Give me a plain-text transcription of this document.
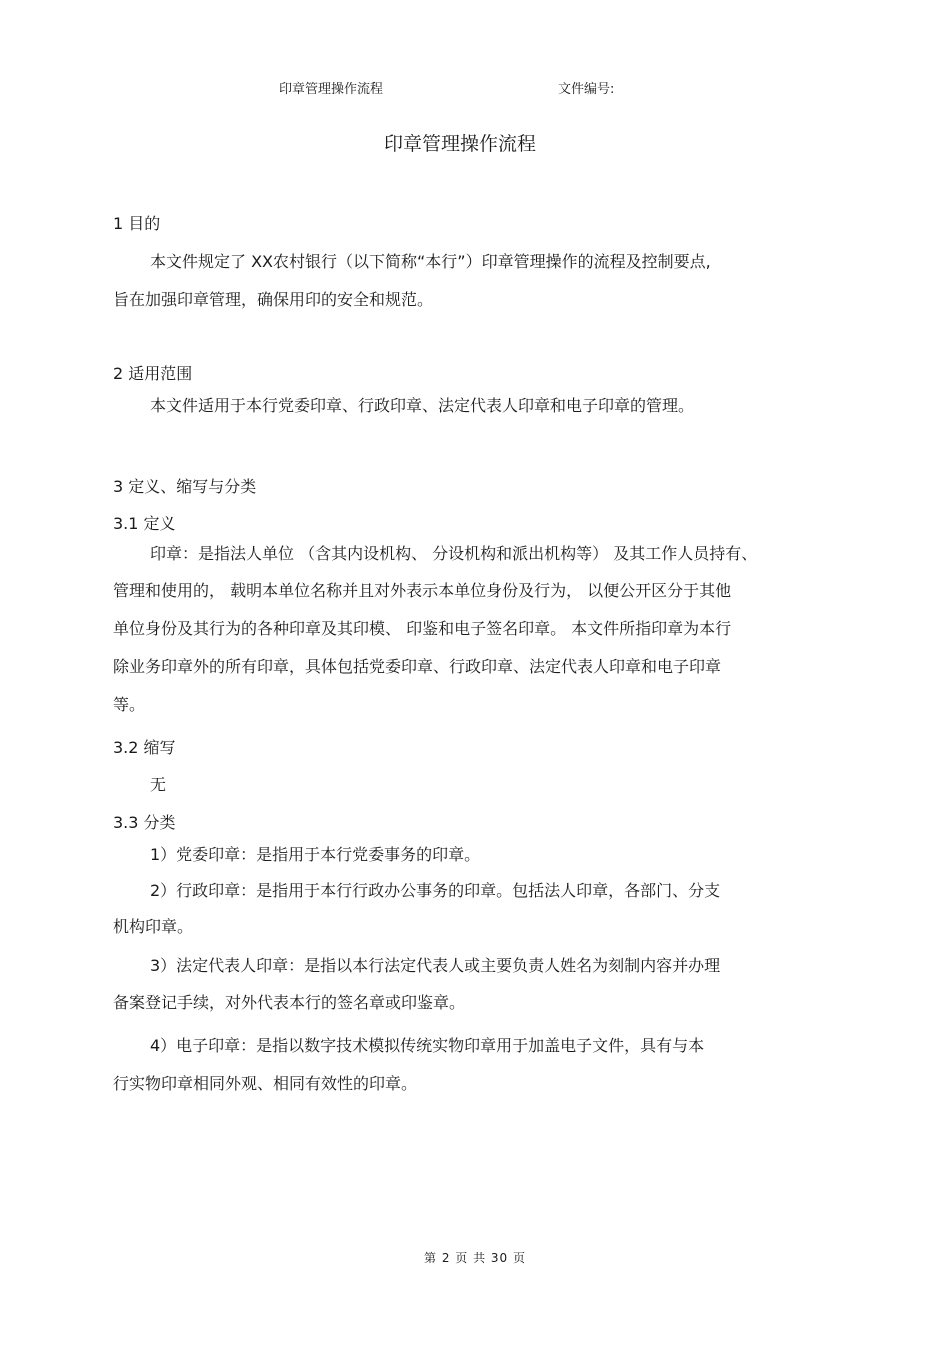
印章管理操作流程	文件编号:
印章管理操作流程
1 目的
本文件规定了 XX农村银行（以下简称“本行”）印章管理操作的流程及控制要点,
旨在加强印章管理，确保用印的安全和规范。
2 适用范围
本文件适用于本行党委印章、行政印章、法定代表人印章和电子印章的管理。
3 定义、缩写与分类
3.1 定义
印章：是指法人单位 （含其内设机构、 分设机构和派出机构等） 及其工作人员持有、
管理和使用的， 载明本单位名称并且对外表示本单位身份及行为， 以便公开区分于其他
单位身份及其行为的各种印章及其印模、 印鉴和电子签名印章。 本文件所指印章为本行
除业务印章外的所有印章，具体包括党委印章、行政印章、法定代表人印章和电子印章
等。
3.2 缩写
无
3.3 分类
1）党委印章：是指用于本行党委事务的印章。
2）行政印章：是指用于本行行政办公事务的印章。包括法人印章，各部门、分支
机构印章。
3）法定代表人印章：是指以本行法定代表人或主要负责人姓名为刻制内容并办理
备案登记手续，对外代表本行的签名章或印鉴章。
4）电子印章：是指以数字技术模拟传统实物印章用于加盖电子文件，具有与本
行实物印章相同外观、相同有效性的印章。
第 2 页 共 30 页
